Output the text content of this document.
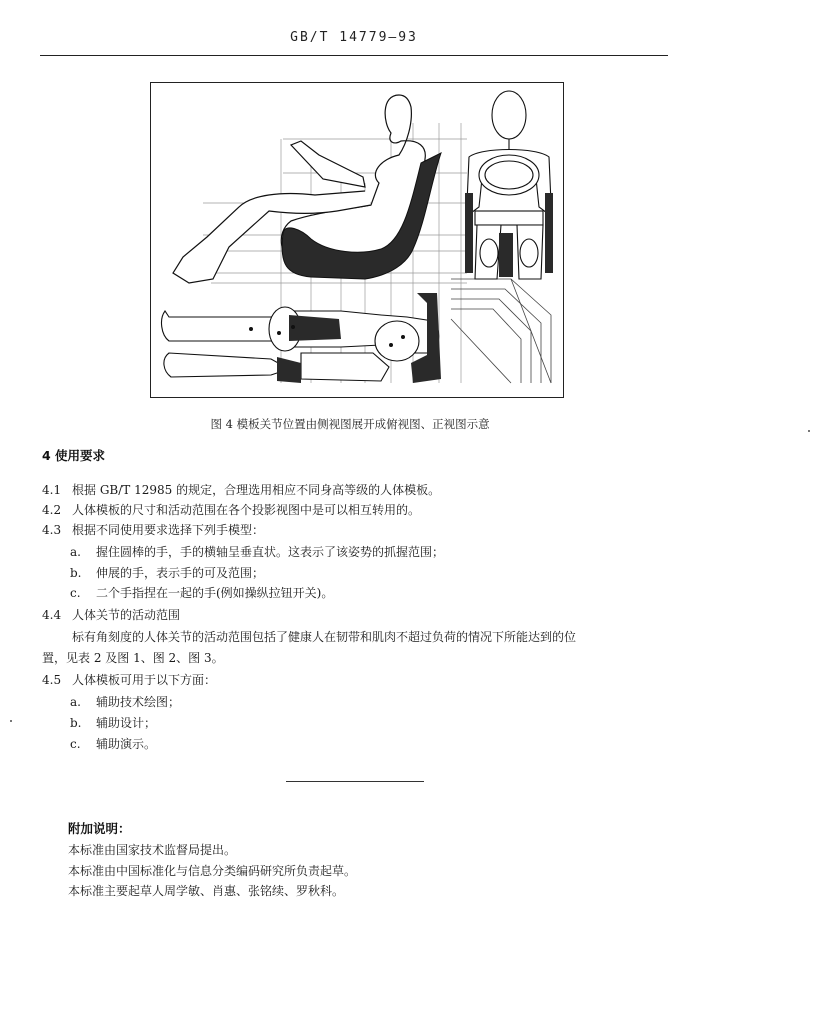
GB/T 14779—93
图 4 模板关节位置由侧视图展开成俯视图、正视图示意
4 使用要求
4.1 根据 GB/T 12985 的规定，合理选用相应不同身高等级的人体模板。
4.2 人体模板的尺寸和活动范围在各个投影视图中是可以相互转用的。
4.3 根据不同使用要求选择下列手模型：
a. 握住圆棒的手，手的横轴呈垂直状。这表示了该姿势的抓握范围；
b. 伸展的手，表示手的可及范围；
c. 二个手指捏在一起的手(例如操纵拉钮开关)。
4.4 人体关节的活动范围
标有角刻度的人体关节的活动范围包括了健康人在韧带和肌肉不超过负荷的情况下所能达到的位
置，见表 2 及图 1、图 2、图 3。
4.5 人体模板可用于以下方面：
a. 辅助技术绘图；
b. 辅助设计；
c. 辅助演示。
附加说明：
本标准由国家技术监督局提出。
本标准由中国标准化与信息分类编码研究所负责起草。
本标准主要起草人周学敏、肖惠、张铭续、罗秋科。
